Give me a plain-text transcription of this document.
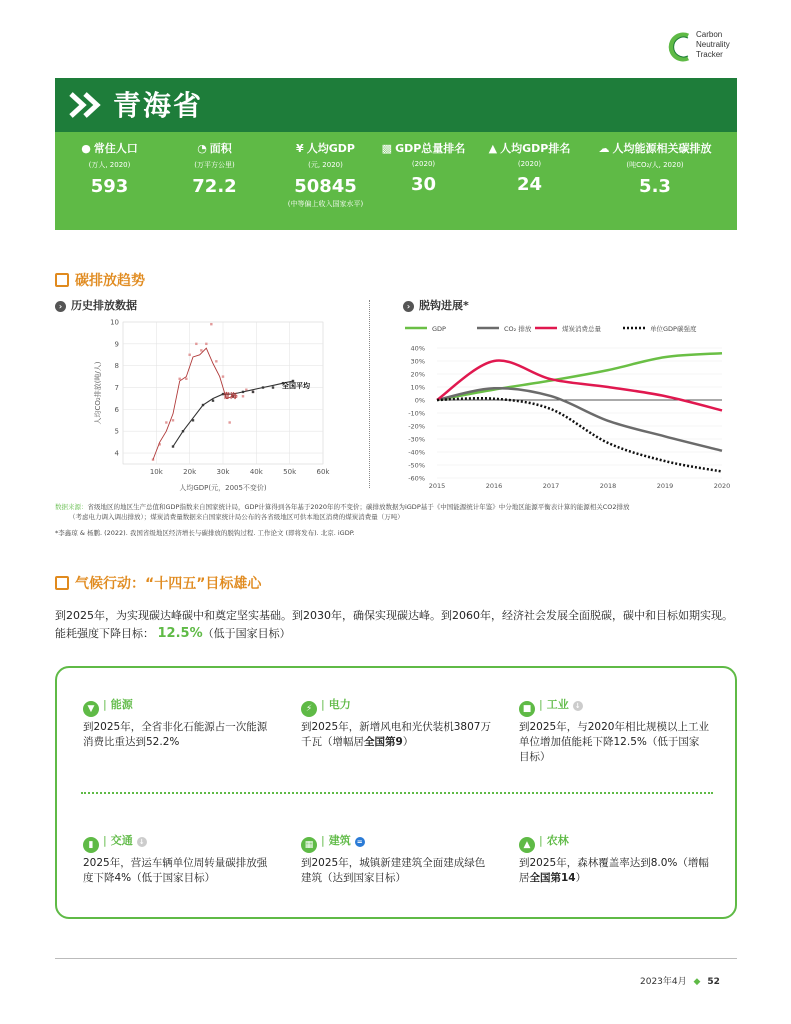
Carbon
Neutrality
Tracker
青海省
● 常住人口
(万人, 2020)
593
◔ 面积
(万平方公里)
72.2
¥ 人均GDP
(元, 2020)
50845
(中等偏上收入国家水平)
▩ GDP总量排名
(2020)
30
▲ 人均GDP排名
(2020)
24
☁ 人均能源相关碳排放
(吨CO₂/人, 2020)
5.3
碳排放趋势
› 历史排放数据	› 脱钩进展*
4
5
6
7
8
9
10
10k	20k	30k	40k	50k	60k
青海
全国平均
人均CO₂排放(吨/人)
人均GDP(元，2005不变价)
GDP	CO₂ 排放	煤炭消费总量	单位GDP碳强度
40%
30%
20%
10%
0%
-10%
-20%
-30%
-40%
-50%
-60%
2015	2016	2017	2018	2019	2020
数据来源：省级地区的地区生产总值和GDP指数来自国家统计局，GDP计算得到各年基于2020年的不变价；碳排放数据为iGDP基于《中国能源统计年鉴》中分地区能源平衡表计算的能源相关CO2排放
（考虑电力调入调出排放）；煤炭消费量数据来自国家统计局公布的各省级地区可供本地区消费的煤炭消费量（万吨）
*李鑫琼 & 杨鹏. (2022). 我国省级地区经济增长与碳排放的脱钩过程. 工作论文 (即将发布). 北京. iGDP.
气候行动：“十四五”目标雄心
到2025年，为实现碳达峰碳中和奠定坚实基础。到2030年，确保实现碳达峰。到2060年，经济社会发展全面脱碳，碳中和目标如期实现。
能耗强度下降目标： 12.5%（低于国家目标）
▼ | 能源
到2025年，全省非化石能源占一次能源消费比重达到52.2%
⚡ | 电力
到2025年，新增风电和光伏装机3807万千瓦（增幅居全国第9）
■ | 工业 ↓
到2025年，与2020年相比规模以上工业单位增加值能耗下降12.5%（低于国家目标）
▮ | 交通 ↓
2025年，营运车辆单位周转量碳排放强度下降4%（低于国家目标）
▦ | 建筑 =
到2025年，城镇新建建筑全面建成绿色建筑（达到国家目标）
▲ | 农林
到2025年，森林覆盖率达到8.0%（增幅居全国第14）
2023年4月 ◆ 52
